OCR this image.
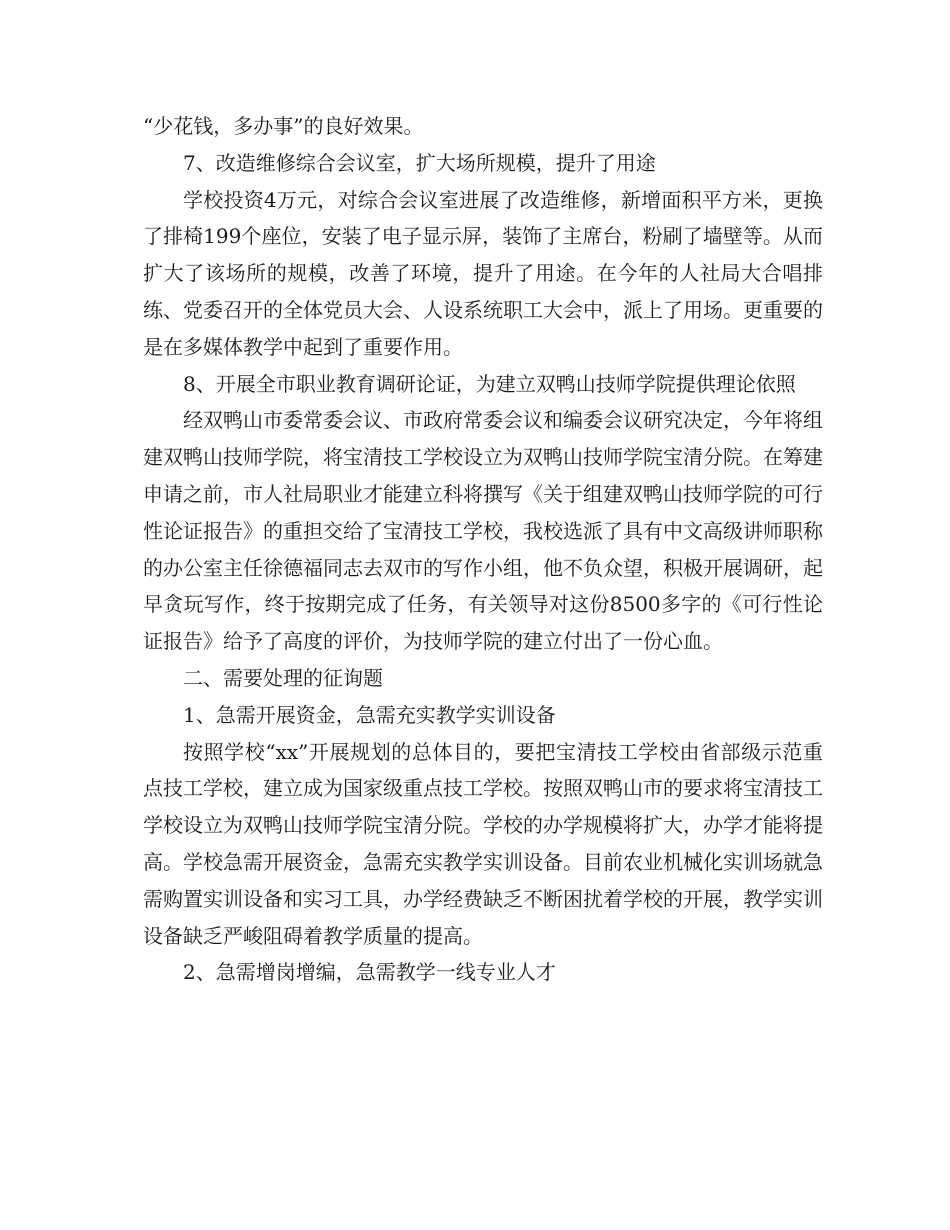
“少花钱，多办事”的良好效果。

7、改造维修综合会议室，扩大场所规模，提升了用途

学校投资4万元，对综合会议室进展了改造维修，新增面积平方米，更换了排椅199个座位，安装了电子显示屏，装饰了主席台，粉刷了墙壁等。从而扩大了该场所的规模，改善了环境，提升了用途。在今年的人社局大合唱排练、党委召开的全体党员大会、人设系统职工大会中，派上了用场。更重要的是在多媒体教学中起到了重要作用。

8、开展全市职业教育调研论证，为建立双鸭山技师学院提供理论依照

经双鸭山市委常委会议、市政府常委会议和编委会议研究决定，今年将组建双鸭山技师学院，将宝清技工学校设立为双鸭山技师学院宝清分院。在筹建申请之前，市人社局职业才能建立科将撰写《关于组建双鸭山技师学院的可行性论证报告》的重担交给了宝清技工学校，我校选派了具有中文高级讲师职称的办公室主任徐德福同志去双市的写作小组，他不负众望，积极开展调研，起早贪玩写作，终于按期完成了任务，有关领导对这份8500多字的《可行性论证报告》给予了高度的评价，为技师学院的建立付出了一份心血。

二、需要处理的征询题

1、急需开展资金，急需充实教学实训设备

按照学校“xx”开展规划的总体目的，要把宝清技工学校由省部级示范重点技工学校，建立成为国家级重点技工学校。按照双鸭山市的要求将宝清技工学校设立为双鸭山技师学院宝清分院。学校的办学规模将扩大，办学才能将提高。学校急需开展资金，急需充实教学实训设备。目前农业机械化实训场就急需购置实训设备和实习工具，办学经费缺乏不断困扰着学校的开展，教学实训设备缺乏严峻阻碍着教学质量的提高。

2、急需增岗增编，急需教学一线专业人才
